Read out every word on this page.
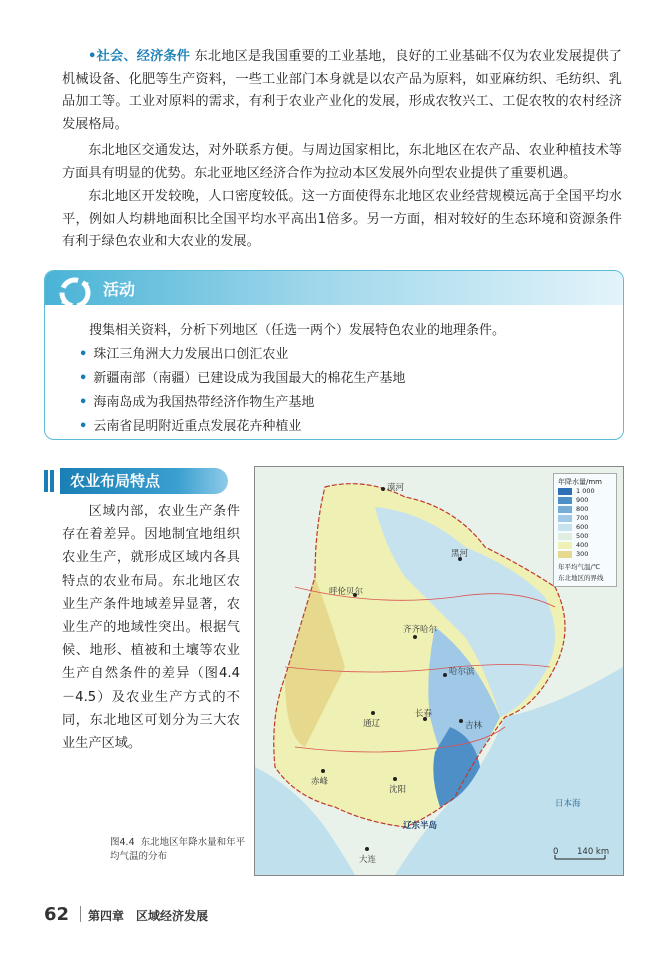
•社会、经济条件 东北地区是我国重要的工业基地，良好的工业基础不仅为农业发展提供了机械设备、化肥等生产资料，一些工业部门本身就是以农产品为原料，如亚麻纺织、毛纺织、乳品加工等。工业对原料的需求，有利于农业产业化的发展，形成农牧兴工、工促农牧的农村经济发展格局。

东北地区交通发达，对外联系方便。与周边国家相比，东北地区在农产品、农业种植技术等方面具有明显的优势。东北亚地区经济合作为拉动本区发展外向型农业提供了重要机遇。

东北地区开发较晚，人口密度较低。这一方面使得东北地区农业经营规模远高于全国平均水平，例如人均耕地面积比全国平均水平高出1倍多。另一方面，相对较好的生态环境和资源条件有利于绿色农业和大农业的发展。

活动
搜集相关资料，分析下列地区（任选一两个）发展特色农业的地理条件。
• 珠江三角洲大力发展出口创汇农业
• 新疆南部（南疆）已建设成为我国最大的棉花生产基地
• 海南岛成为我国热带经济作物生产基地
• 云南省昆明附近重点发展花卉种植业
农业布局特点

区域内部，农业生产条件存在着差异。因地制宜地组织农业生产，就形成区域内各具特点的农业布局。东北地区农业生产条件地域差异显著，农业生产的地域性突出。根据气候、地形、植被和土壤等农业生产自然条件的差异（图4.4－4.5）及农业生产方式的不同，东北地区可划分为三大农业生产区域。

漠河
黑河
呼伦贝尔
齐齐哈尔
哈尔滨
通辽
长春
吉林
赤峰
沈阳
大连
辽东半岛
日本海
0 140 km
年降水量/mm
1 000
900
800
700
600
500
400
300
年平均气温/℃
东北地区的界线
图4.4 东北地区年降水量和年平均气温的分布
62 第四章　区域经济发展
